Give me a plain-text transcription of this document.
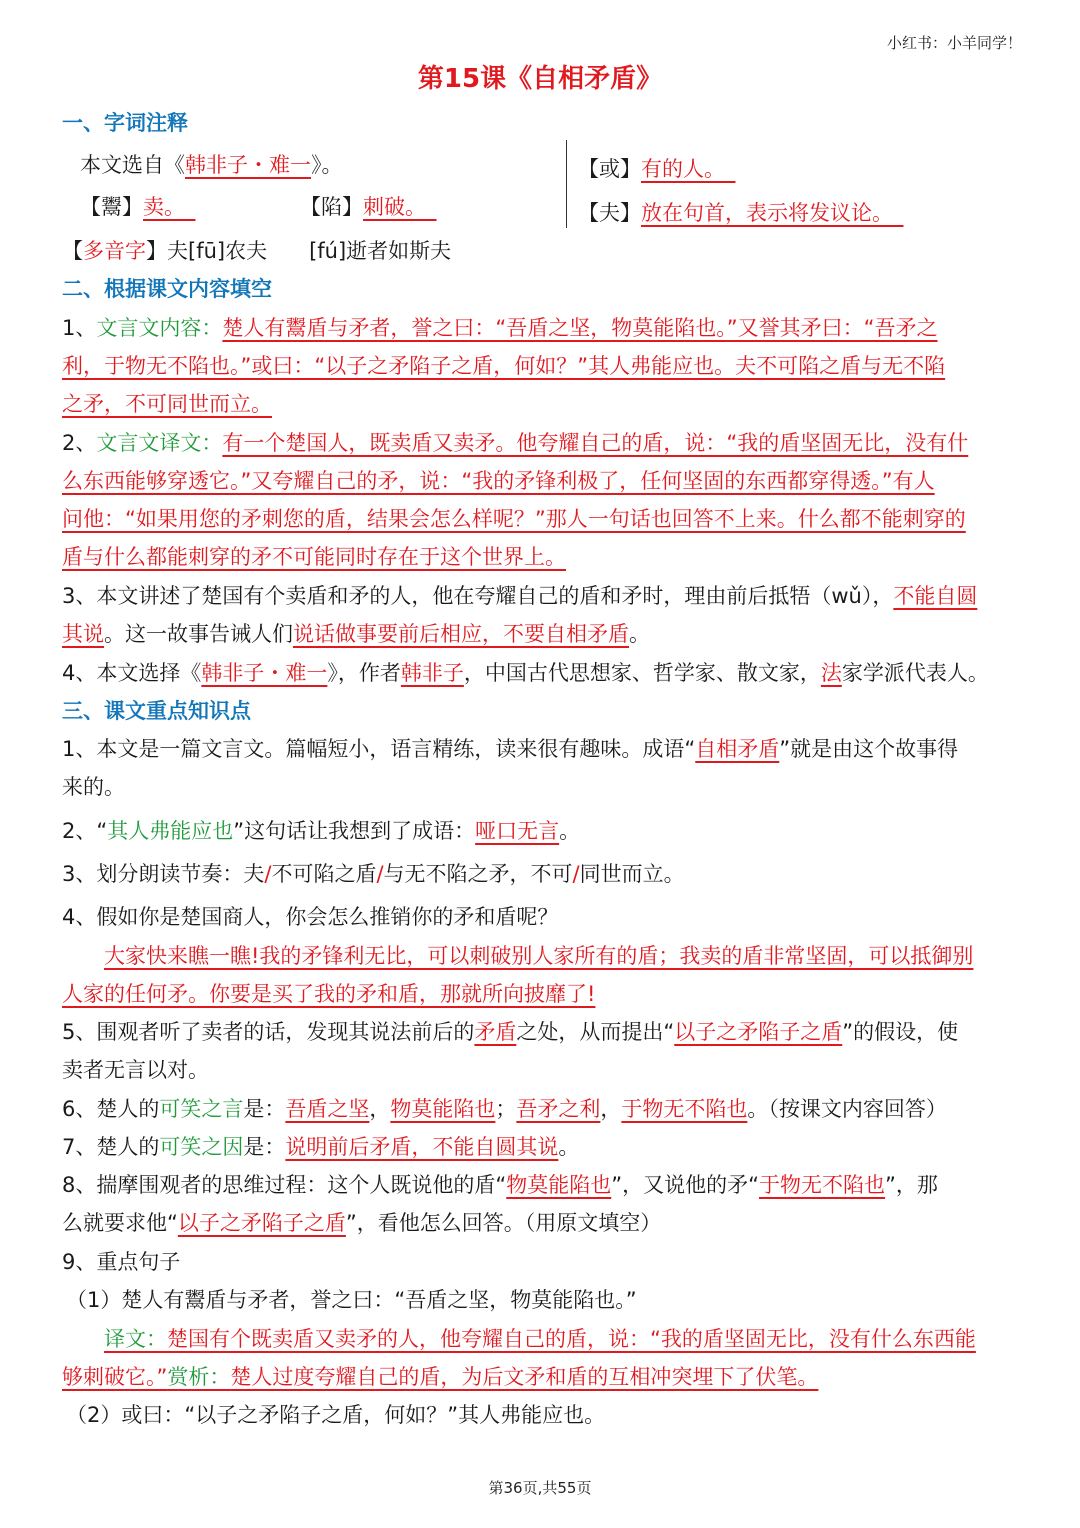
小红书：小羊同学！
第15课《自相矛盾》
一、字词注释
本文选自《韩非子・难一》。
【鬻】卖。　	【陷】刺破。　
【或】有的人。　
【夫】放在句首，表示将发议论。　
【多音字】夫[fū]农夫　　[fú]逝者如斯夫
二、根据课文内容填空
1、文言文内容：楚人有鬻盾与矛者，誉之曰：“吾盾之坚，物莫能陷也。”又誉其矛曰：“吾矛之
利，于物无不陷也。”或曰：“以子之矛陷子之盾，何如？”其人弗能应也。夫不可陷之盾与无不陷
之矛，不可同世而立。
2、文言文译文：有一个楚国人，既卖盾又卖矛。他夸耀自己的盾，说：“我的盾坚固无比，没有什
么东西能够穿透它。”又夸耀自己的矛，说：“我的矛锋利极了，任何坚固的东西都穿得透。”有人
问他：“如果用您的矛刺您的盾，结果会怎么样呢？”那人一句话也回答不上来。什么都不能刺穿的
盾与什么都能刺穿的矛不可能同时存在于这个世界上。
3、本文讲述了楚国有个卖盾和矛的人，他在夸耀自己的盾和矛时，理由前后抵牾（wǔ），不能自圆
其说。这一故事告诫人们说话做事要前后相应，不要自相矛盾。
4、本文选择《韩非子・难一》，作者韩非子，中国古代思想家、哲学家、散文家，法家学派代表人。
三、课文重点知识点
1、本文是一篇文言文。篇幅短小，语言精练，读来很有趣味。成语“自相矛盾”就是由这个故事得
来的。
2、“其人弗能应也”这句话让我想到了成语：哑口无言。
3、划分朗读节奏：夫/不可陷之盾/与无不陷之矛，不可/同世而立。
4、假如你是楚国商人，你会怎么推销你的矛和盾呢？
大家快来瞧一瞧!我的矛锋利无比，可以刺破别人家所有的盾；我卖的盾非常坚固，可以抵御别
人家的任何矛。你要是买了我的矛和盾，那就所向披靡了!
5、围观者听了卖者的话，发现其说法前后的矛盾之处，从而提出“以子之矛陷子之盾”的假设，使
卖者无言以对。
6、楚人的可笑之言是：吾盾之坚，物莫能陷也；吾矛之利，于物无不陷也。（按课文内容回答）
7、楚人的可笑之因是：说明前后矛盾，不能自圆其说。
8、揣摩围观者的思维过程：这个人既说他的盾“物莫能陷也”，又说他的矛“于物无不陷也”，那
么就要求他“以子之矛陷子之盾”，看他怎么回答。（用原文填空）
9、重点句子
（1）楚人有鬻盾与矛者，誉之曰：“吾盾之坚，物莫能陷也。”
译文：楚国有个既卖盾又卖矛的人，他夸耀自己的盾，说：“我的盾坚固无比，没有什么东西能
够刺破它。”赏析：楚人过度夸耀自己的盾，为后文矛和盾的互相冲突埋下了伏笔。
（2）或曰：“以子之矛陷子之盾，何如？”其人弗能应也。
第36页,共55页
